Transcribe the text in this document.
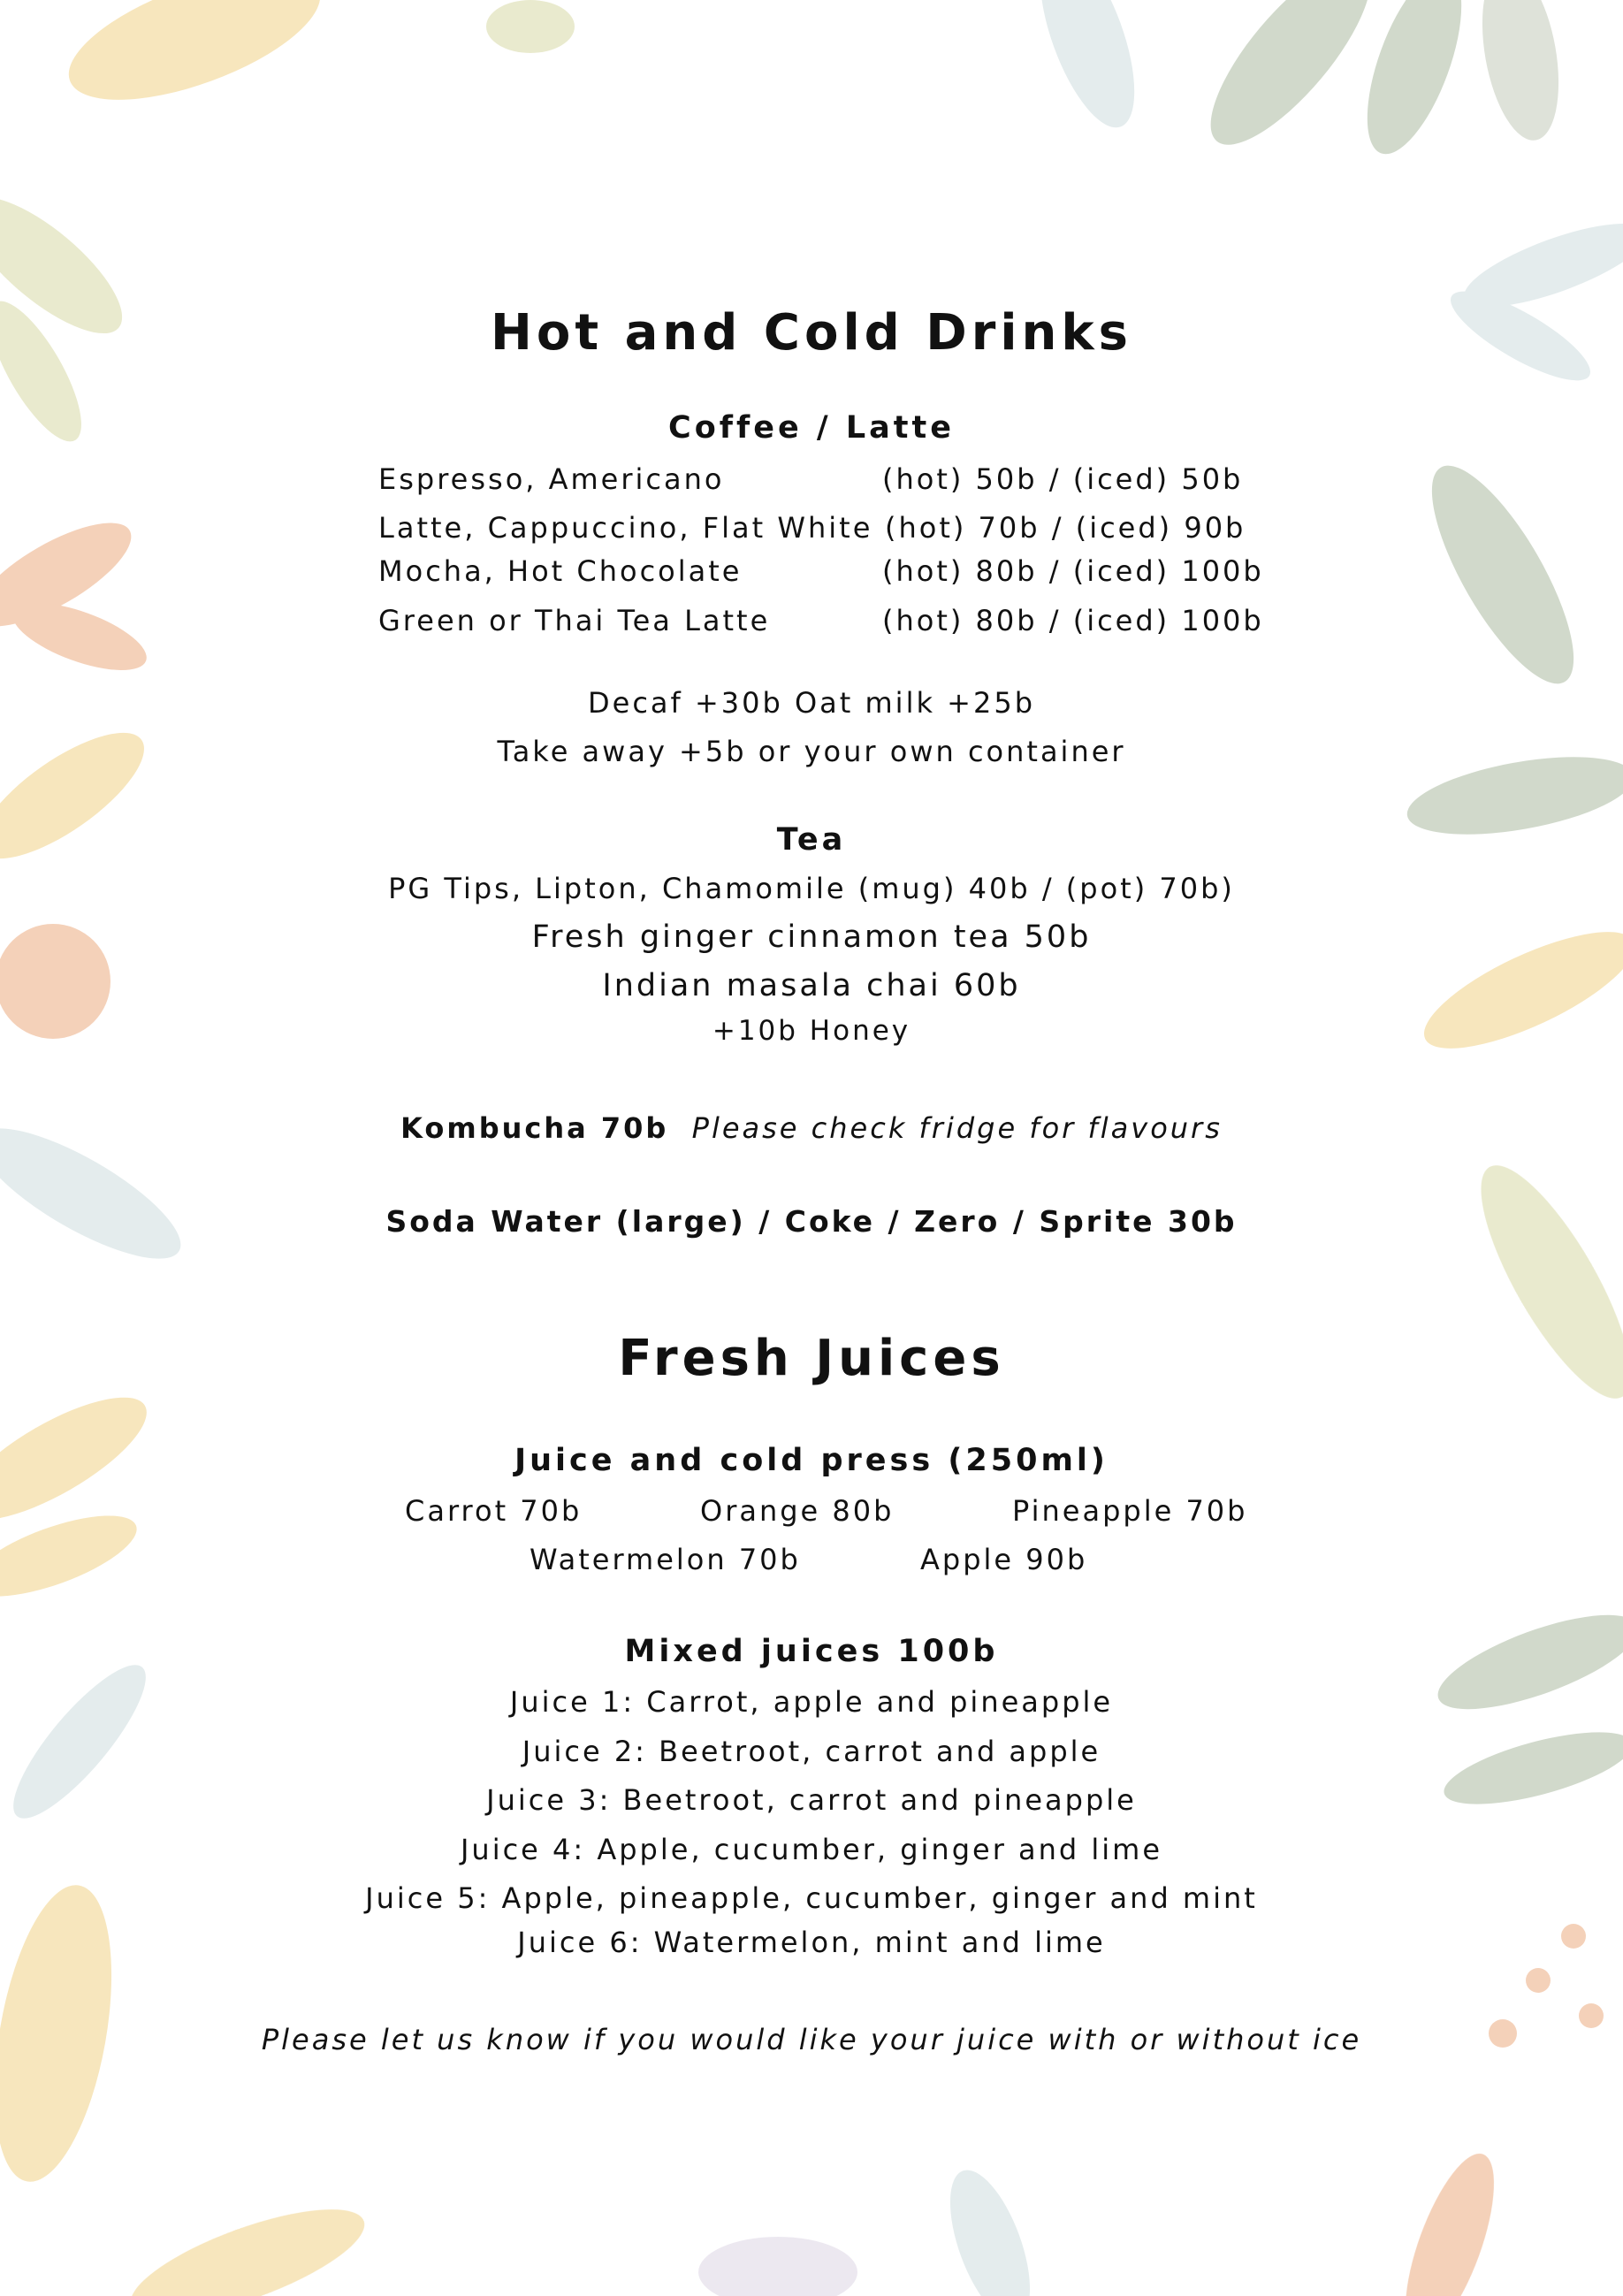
Hot and Cold Drinks
Coffee / Latte
Espresso, Americano	(hot) 50b / (iced) 50b
Latte, Cappuccino, Flat White (hot) 70b / (iced) 90b
Mocha, Hot Chocolate	(hot) 80b / (iced) 100b
Green or Thai Tea Latte	(hot) 80b / (iced) 100b
Decaf +30b Oat milk +25b
Take away +5b or your own container
Tea
PG Tips, Lipton, Chamomile (mug) 40b / (pot) 70b)
Fresh ginger cinnamon tea 50b
Indian masala chai 60b
+10b Honey
Kombucha 70b Please check fridge for flavours
Soda Water (large) / Coke / Zero / Sprite 30b
Fresh Juices
Juice and cold press (250ml)
Carrot 70b	Orange 80b	Pineapple 70b
Watermelon 70b	Apple 90b
Mixed juices 100b
Juice 1: Carrot, apple and pineapple
Juice 2: Beetroot, carrot and apple
Juice 3: Beetroot, carrot and pineapple
Juice 4: Apple, cucumber, ginger and lime
Juice 5: Apple, pineapple, cucumber, ginger and mint
Juice 6: Watermelon, mint and lime
Please let us know if you would like your juice with or without ice
